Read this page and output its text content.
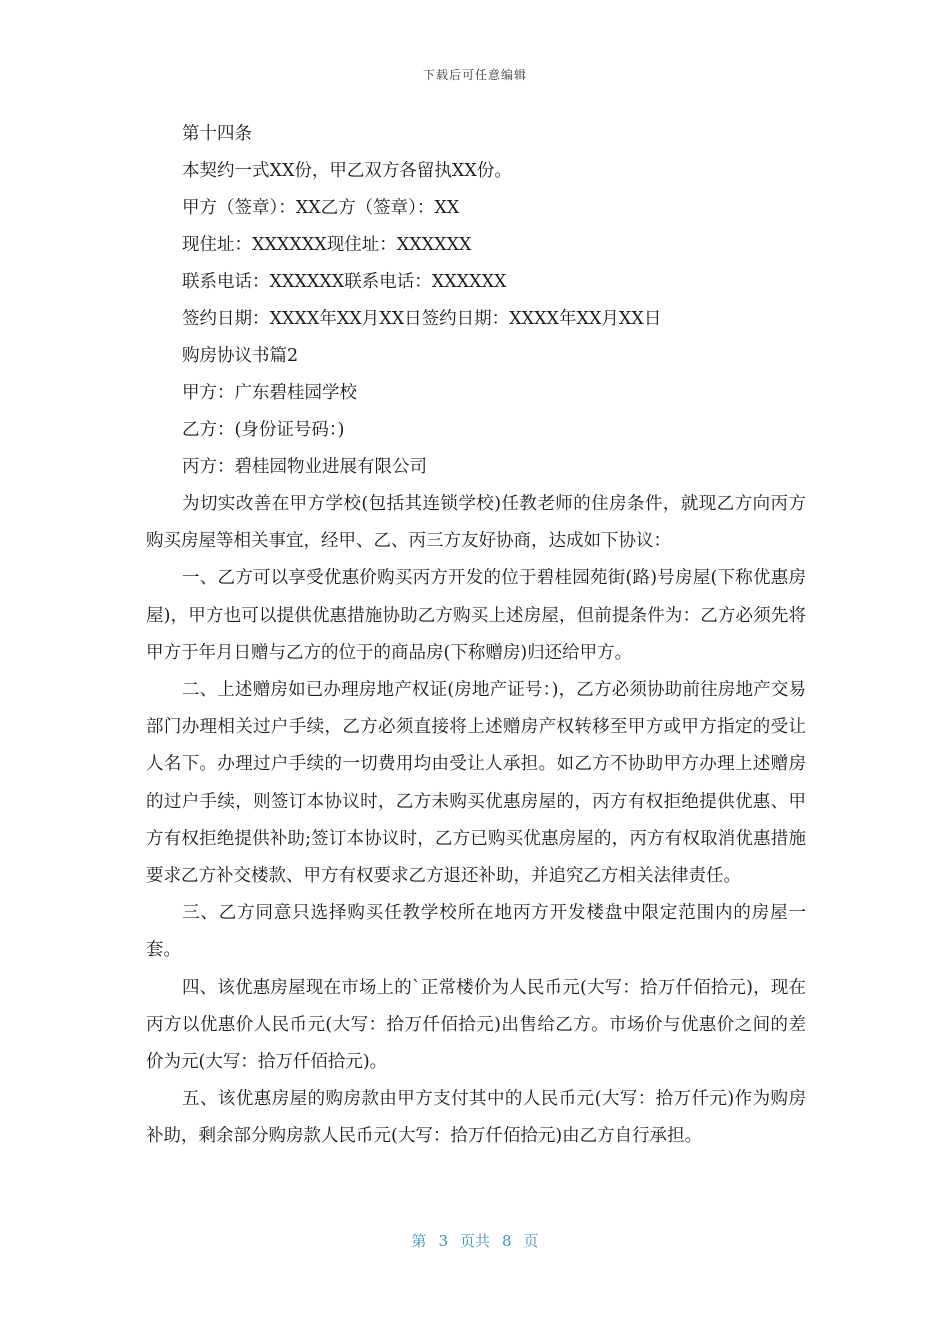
下载后可任意编辑
第十四条
本契约一式XX份，甲乙双方各留执XX份。
甲方（签章）：XX乙方（签章）：XX
现住址：XXXXXX现住址：XXXXXX
联系电话：XXXXXX联系电话：XXXXXX
签约日期：XXXX年XX月XX日签约日期：XXXX年XX月XX日
购房协议书篇2
甲方：广东碧桂园学校
乙方：(身份证号码：)
丙方：碧桂园物业进展有限公司

为切实改善在甲方学校(包括其连锁学校)任教老师的住房条件，就现乙方向丙方购买房屋等相关事宜，经甲、乙、丙三方友好协商，达成如下协议：

一、乙方可以享受优惠价购买丙方开发的位于碧桂园苑街(路)号房屋(下称优惠房屋)，甲方也可以提供优惠措施协助乙方购买上述房屋，但前提条件为：乙方必须先将甲方于年月日赠与乙方的位于的商品房(下称赠房)归还给甲方。

二、上述赠房如已办理房地产权证(房地产证号：)，乙方必须协助前往房地产交易部门办理相关过户手续，乙方必须直接将上述赠房产权转移至甲方或甲方指定的受让人名下。办理过户手续的一切费用均由受让人承担。如乙方不协助甲方办理上述赠房的过户手续，则签订本协议时，乙方未购买优惠房屋的，丙方有权拒绝提供优惠、甲方有权拒绝提供补助;签订本协议时，乙方已购买优惠房屋的，丙方有权取消优惠措施要求乙方补交楼款、甲方有权要求乙方退还补助，并追究乙方相关法律责任。

三、乙方同意只选择购买任教学校所在地丙方开发楼盘中限定范围内的房屋一套。

四、该优惠房屋现在市场上的`正常楼价为人民币元(大写：拾万仟佰拾元)，现在丙方以优惠价人民币元(大写：拾万仟佰拾元)出售给乙方。市场价与优惠价之间的差价为元(大写：拾万仟佰拾元)。

五、该优惠房屋的购房款由甲方支付其中的人民币元(大写：拾万仟元)作为购房补助，剩余部分购房款人民币元(大写：拾万仟佰拾元)由乙方自行承担。

第 3 页共 8 页
